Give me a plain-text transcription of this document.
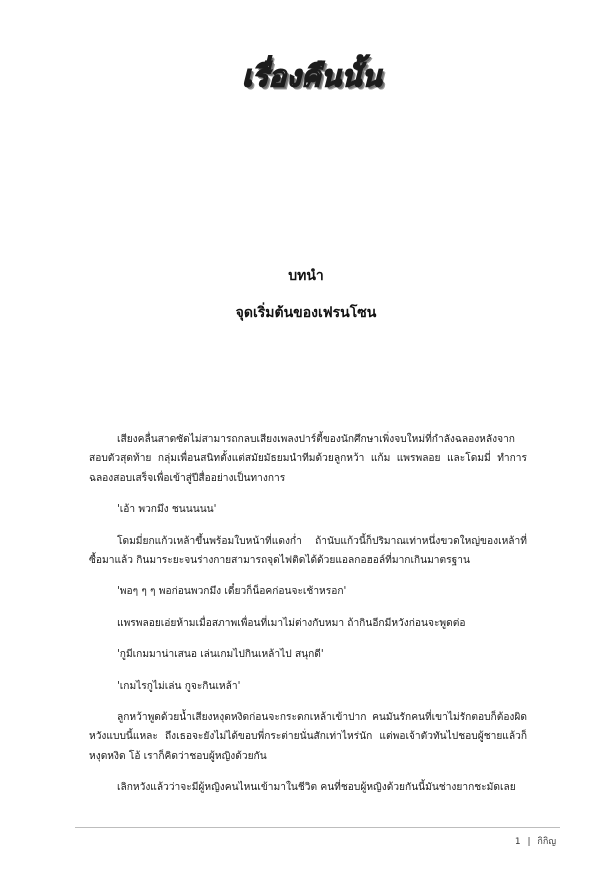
เรื่องคืนนั้น
บทนำ
จุดเริ่มต้นของเฟรนโซน

เสียงคลื่นสาดซัดไม่สามารถกลบเสียงเพลงปาร์ตี้ของนักศึกษาเพิ่งจบใหม่ที่กำลังฉลองหลังจากสอบตัวสุดท้าย กลุ่มเพื่อนสนิทตั้งแต่สมัยมัธยมนำทีมด้วยลูกหว้า แก้ม แพรพลอย และโดมมี่ ทำการฉลองสอบเสร็จเพื่อเข้าสู่ปีสื่ออย่างเป็นทางการ

'เอ้า พวกมึง ชนนนนน'

โดมมี่ยกแก้วเหล้าขึ้นพร้อมใบหน้าที่แดงก่ำ ถ้านับแก้วนี้ก็ปริมาณเท่าหนึ่งขวดใหญ่ของเหล้าที่ซื้อมาแล้ว กินมาระยะจนร่างกายสามารถจุดไฟติดได้ด้วยแอลกอฮอล์ที่มากเกินมาตรฐาน

'พอๆ ๆ ๆ พอก่อนพวกมึง เดี๋ยวก็น็อคก่อนจะเช้าหรอก'

แพรพลอยเอ่ยห้ามเมื่อสภาพเพื่อนที่เมาไม่ต่างกับหมา ถ้ากินอีกมีหวังก่อนจะพูดต่อ

'กูมีเกมมาน่าเสนอ เล่นเกมไปกินเหล้าไป สนุกดี'

'เกมไรกูไม่เล่น กูจะกินเหล้า'

ลูกหว้าพูดด้วยน้ำเสียงหงุดหงิดก่อนจะกระดกเหล้าเข้าปาก คนมันรักคนที่เขาไม่รักตอบก็ต้องผิดหวังแบบนี้แหละ ถึงเธอจะยังไม่ได้ขอบพี่กระต่ายนั่นสักเท่าไหร่นัก แต่พอเจ้าตัวทันไปชอบผู้ชายแล้วก็หงุดหงิด โอ้ เราก็คิดว่าชอบผู้หญิงด้วยกัน

เลิกหวังแล้วว่าจะมีผู้หญิงคนไหนเข้ามาในชีวิต คนที่ชอบผู้หญิงด้วยกันนี้มันช่างยากชะมัดเลย

1 | กิกิญ
